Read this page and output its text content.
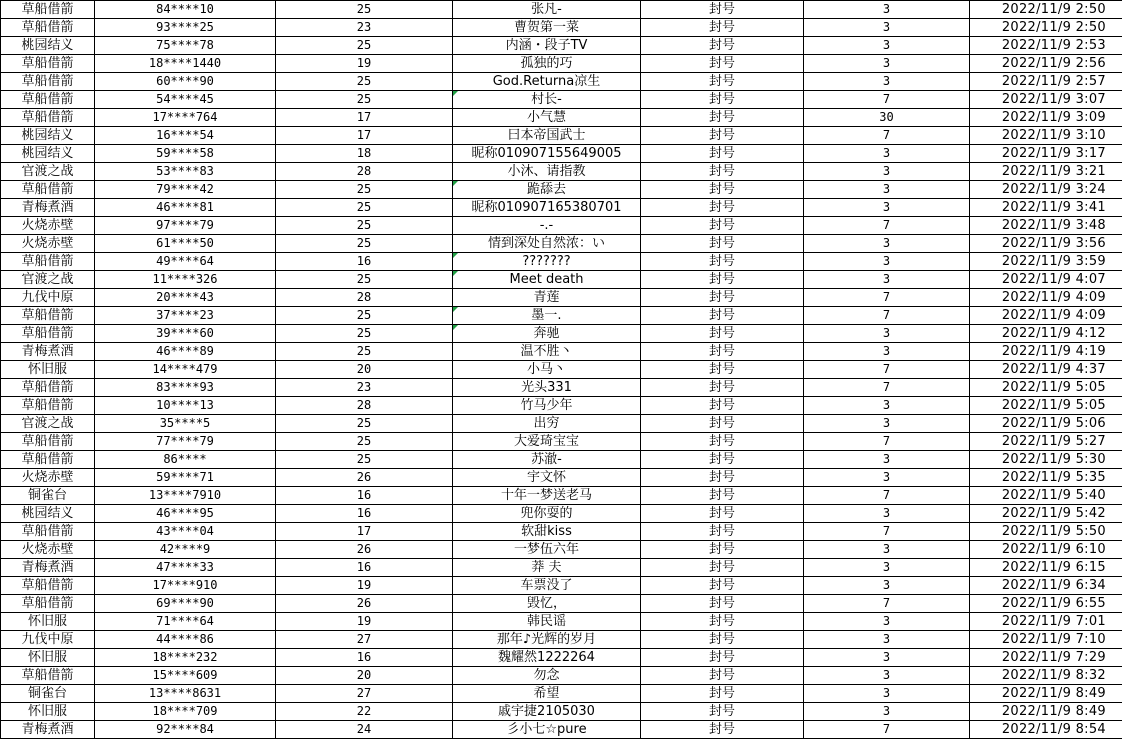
草船借箭	84****10	25	张凡-	封号	3	2022/11/9 2:50
草船借箭	93****25	23	曹贺第一菜	封号	3	2022/11/9 2:50
桃园结义	75****78	25	内涵・段子TV	封号	3	2022/11/9 2:53
草船借箭	18****1440	19	孤独的巧	封号	3	2022/11/9 2:56
草船借箭	60****90	25	God.Returna凉生	封号	3	2022/11/9 2:57
草船借箭	54****45	25	村长-	封号	7	2022/11/9 3:07
草船借箭	17****764	17	小气慧	封号	30	2022/11/9 3:09
桃园结义	16****54	17	曰本帝国武士	封号	7	2022/11/9 3:10
桃园结义	59****58	18	昵称010907155649005	封号	3	2022/11/9 3:17
官渡之战	53****83	28	小沐、请指教	封号	3	2022/11/9 3:21
草船借箭	79****42	25	跪舔去	封号	3	2022/11/9 3:24
青梅煮酒	46****81	25	昵称010907165380701	封号	3	2022/11/9 3:41
火烧赤壁	97****79	25	-.-	封号	7	2022/11/9 3:48
火烧赤壁	61****50	25	情到深处自然浓：い	封号	3	2022/11/9 3:56
草船借箭	49****64	16	???????	封号	3	2022/11/9 3:59
官渡之战	11****326	25	Meet death	封号	3	2022/11/9 4:07
九伐中原	20****43	28	青莲	封号	7	2022/11/9 4:09
草船借箭	37****23	25	墨一.	封号	7	2022/11/9 4:09
草船借箭	39****60	25	奔驰	封号	3	2022/11/9 4:12
青梅煮酒	46****89	25	温不胜丶	封号	3	2022/11/9 4:19
怀旧服	14****479	20	小马丶	封号	7	2022/11/9 4:37
草船借箭	83****93	23	光头331	封号	7	2022/11/9 5:05
草船借箭	10****13	28	竹马少年	封号	3	2022/11/9 5:05
官渡之战	35****5	25	出穷	封号	3	2022/11/9 5:06
草船借箭	77****79	25	大爱琦宝宝	封号	7	2022/11/9 5:27
草船借箭	86****	25	苏澈-	封号	3	2022/11/9 5:30
火烧赤壁	59****71	26	宇文怀	封号	3	2022/11/9 5:35
铜雀台	13****7910	16	十年一梦送老马	封号	7	2022/11/9 5:40
桃园结义	46****95	16	兜你耍的	封号	3	2022/11/9 5:42
草船借箭	43****04	17	软甜kiss	封号	7	2022/11/9 5:50
火烧赤壁	42****9	26	一梦伍六年	封号	3	2022/11/9 6:10
青梅煮酒	47****33	16	莽 夫	封号	3	2022/11/9 6:15
草船借箭	17****910	19	车票没了	封号	3	2022/11/9 6:34
草船借箭	69****90	26	毁忆，	封号	7	2022/11/9 6:55
怀旧服	71****64	19	韩民谣	封号	3	2022/11/9 7:01
九伐中原	44****86	27	那年♪光辉的岁月	封号	3	2022/11/9 7:10
怀旧服	18****232	16	魏耀然1222264	封号	3	2022/11/9 7:29
草船借箭	15****609	20	勿念	封号	3	2022/11/9 8:32
铜雀台	13****8631	27	希望	封号	3	2022/11/9 8:49
怀旧服	18****709	22	戚宇捷2105030	封号	3	2022/11/9 8:49
青梅煮酒	92****84	24	彡小七☆pure	封号	7	2022/11/9 8:54
